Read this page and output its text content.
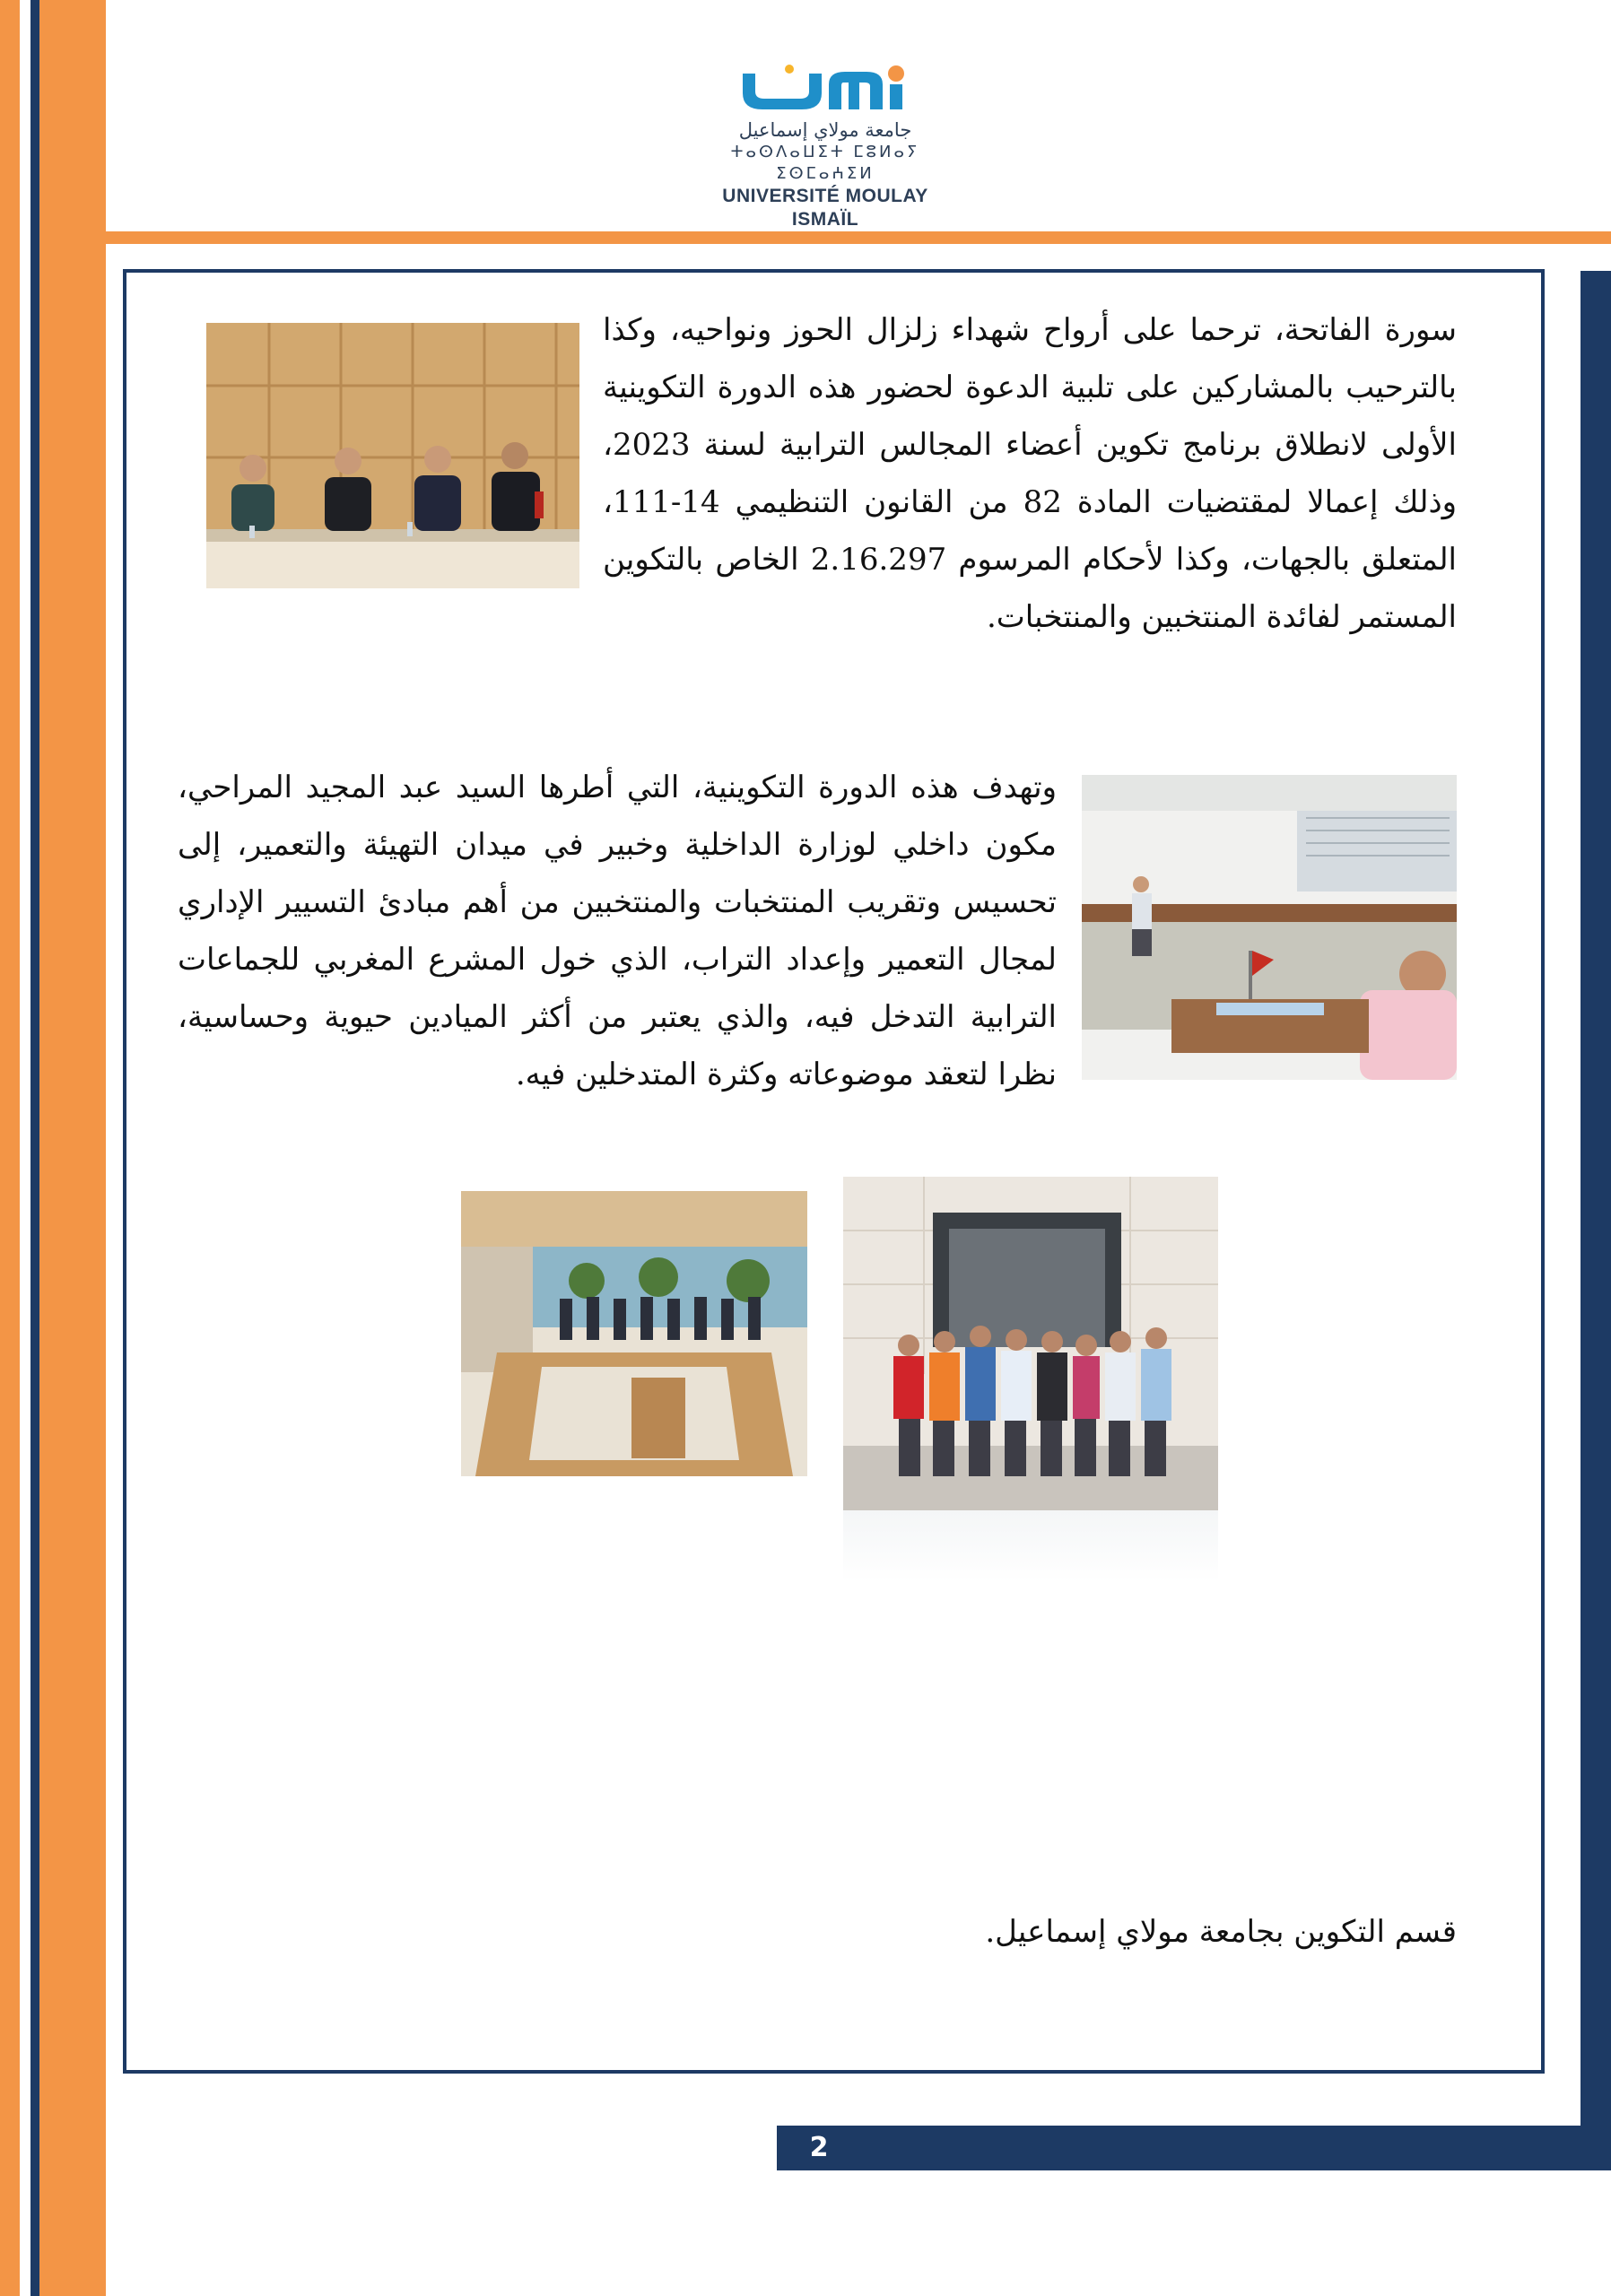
جامعة مولاي إسماعيل
ⵜⴰⵙⴷⴰⵡⵉⵜ ⵎⵓⵍⴰⵢ ⵉⵙⵎⴰⵄⵉⵍ
UNIVERSITÉ MOULAY ISMAÏL
سورة الفاتحة، ترحما على أرواح شهداء زلزال الحوز ونواحيه، وكذا بالترحيب بالمشاركين على تلبية الدعوة لحضور هذه الدورة التكوينية الأولى لانطلاق برنامج تكوين أعضاء المجالس الترابية لسنة 2023، وذلك إعمالا لمقتضيات المادة 82 من القانون التنظيمي 14-111، المتعلق بالجهات، وكذا لأحكام المرسوم 2.16.297 الخاص بالتكوين المستمر لفائدة المنتخبين والمنتخبات.
وتهدف هذه الدورة التكوينية، التي أطرها السيد عبد المجيد المراحي، مكون داخلي لوزارة الداخلية وخبير في ميدان التهيئة والتعمير، إلى تحسيس وتقريب المنتخبات والمنتخبين من أهم مبادئ التسيير الإداري لمجال التعمير وإعداد التراب، الذي خول المشرع المغربي للجماعات الترابية التدخل فيه، والذي يعتبر من أكثر الميادين حيوية وحساسية، نظرا لتعقد موضوعاته وكثرة المتدخلين فيه.
قسم التكوين بجامعة مولاي إسماعيل.
2
